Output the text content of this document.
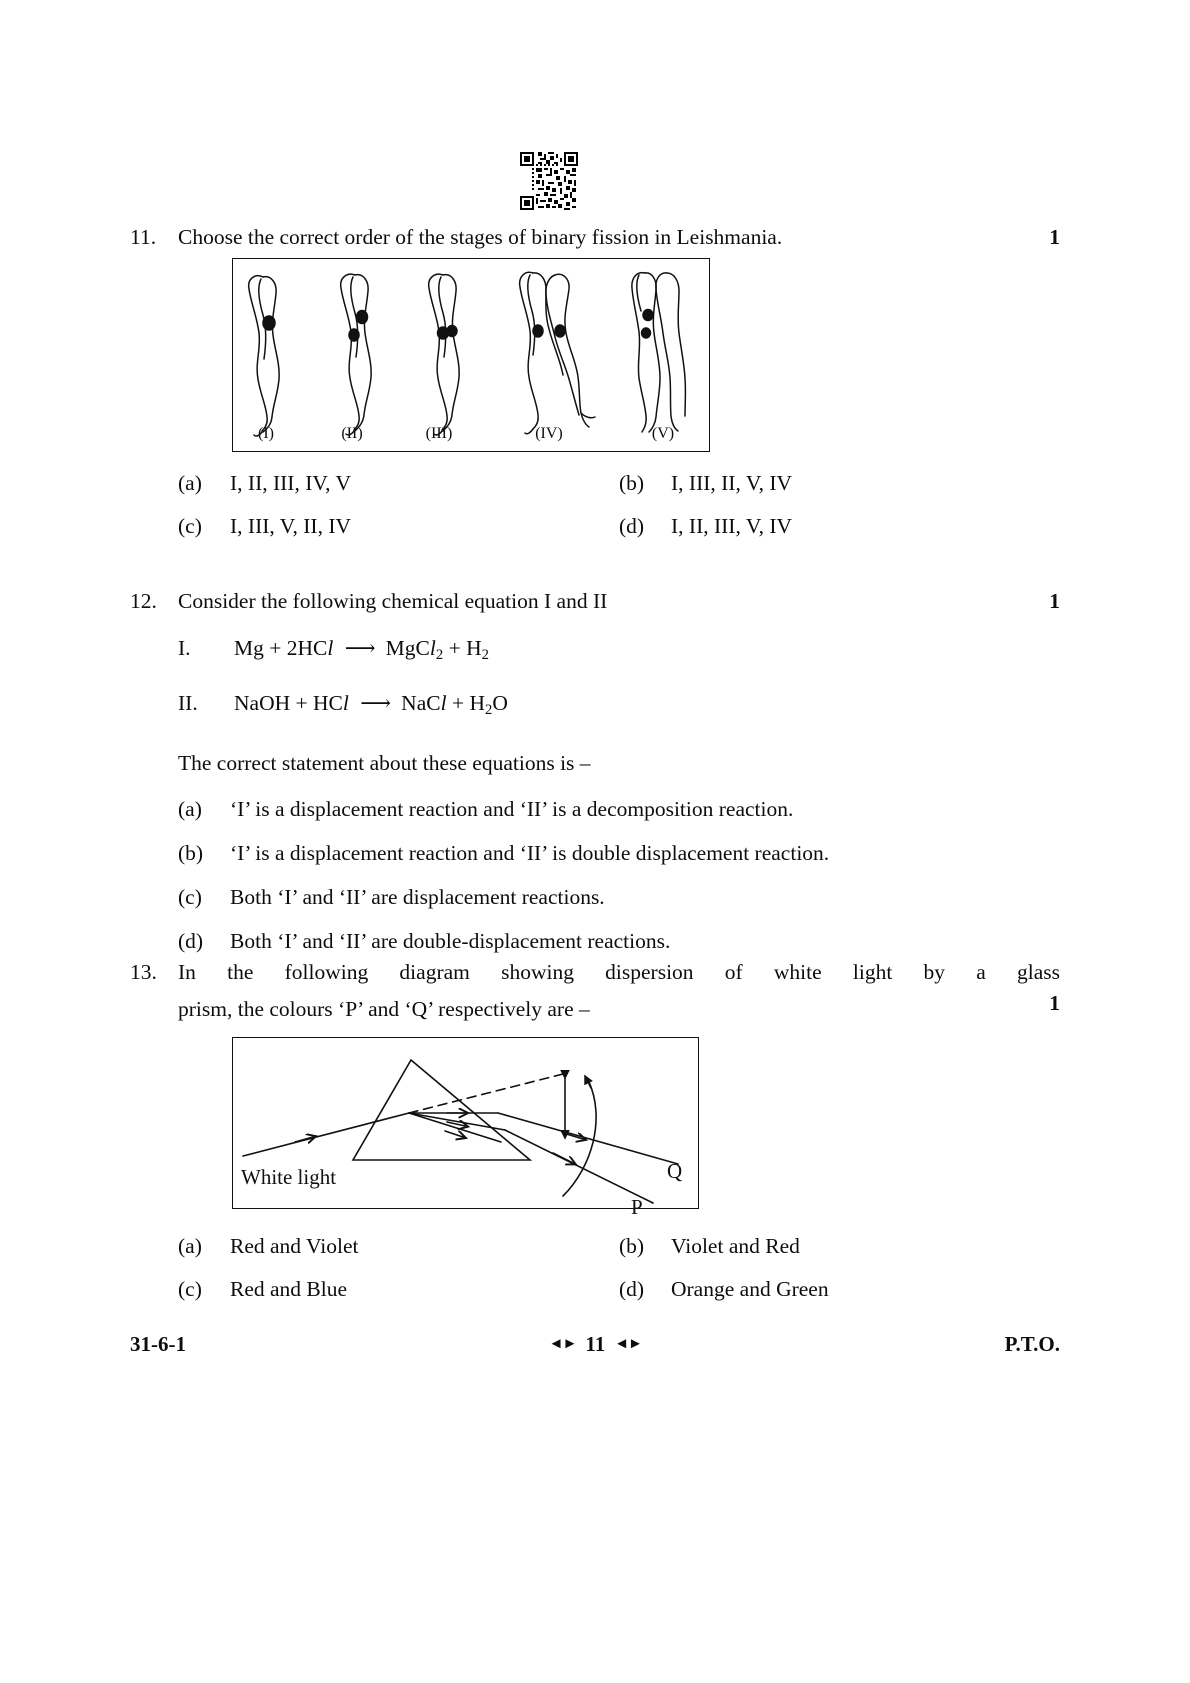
11.	Choose the correct order of the stages of binary fission in Leishmania.	1
(I)	(II)	(III)	(IV)	(V)
(a)	I, II, III, IV, V	(b)	I, III, II, V, IV
(c)	I, III, V, II, IV	(d)	I, II, III, V, IV
12. Consider the following chemical equation I and II	1
I.	Mg + 2HCl ⟶ MgCl$_2$ + $H_2$
II.	NaOH + HCl ⟶ NaCl + $H_2O$
The correct statement about these equations is –
(a)	‘I’ is a displacement reaction and ‘II’ is a decomposition reaction.
(b)	‘I’ is a displacement reaction and ‘II’ is double displacement reaction.
(c)	Both ‘I’ and ‘II’ are displacement reactions.
(d)	Both ‘I’ and ‘II’ are double-displacement reactions.
13. In the following diagram showing dispersion of white light by a glass
prism, the colours ‘P’ and ‘Q’ respectively are –	1
White light	Q
P
(a)	Red and Violet	(b)	Violet and Red
(c)	Red and Blue	(d)	Orange and Green
31-6-1	◄► 11 ◄►	P.T.O.
